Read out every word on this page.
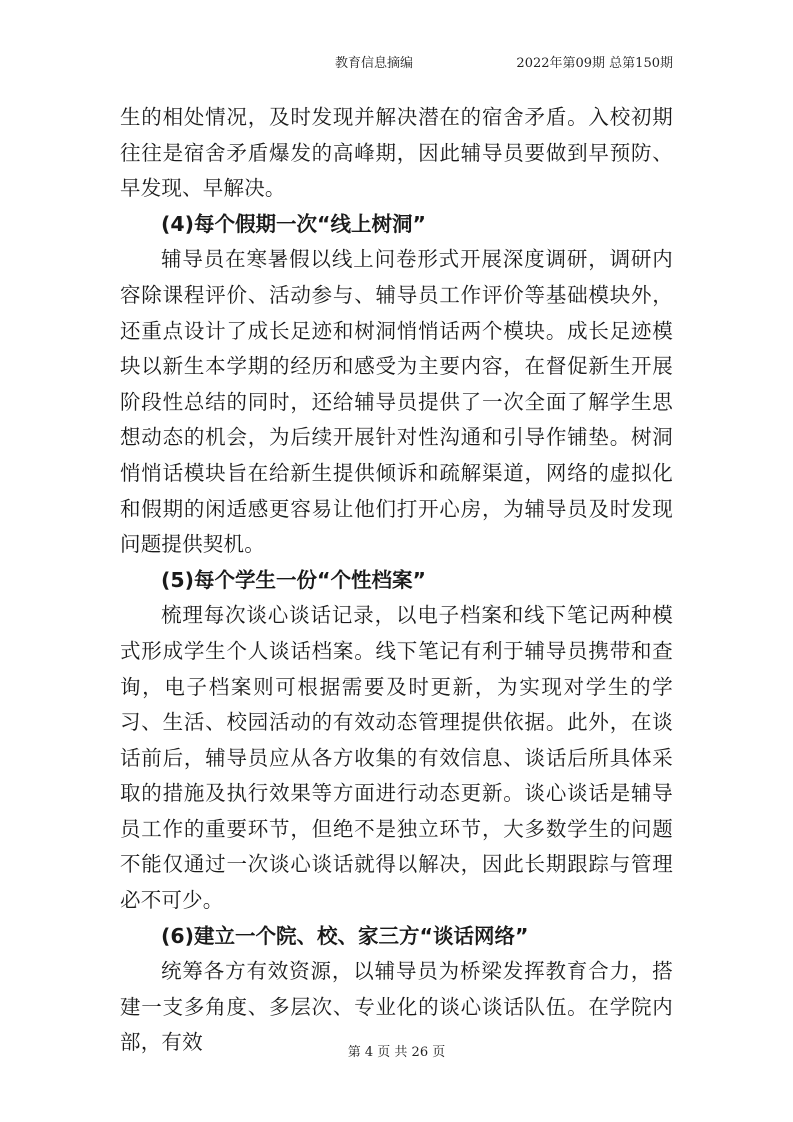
教育信息摘编	2022年第09期 总第150期

生的相处情况，及时发现并解决潜在的宿舍矛盾。入校初期往往是宿舍矛盾爆发的高峰期，因此辅导员要做到早预防、早发现、早解决。

(4)每个假期一次“线上树洞”

辅导员在寒暑假以线上问卷形式开展深度调研，调研内容除课程评价、活动参与、辅导员工作评价等基础模块外，还重点设计了成长足迹和树洞悄悄话两个模块。成长足迹模块以新生本学期的经历和感受为主要内容，在督促新生开展阶段性总结的同时，还给辅导员提供了一次全面了解学生思想动态的机会，为后续开展针对性沟通和引导作铺垫。树洞悄悄话模块旨在给新生提供倾诉和疏解渠道，网络的虚拟化和假期的闲适感更容易让他们打开心房，为辅导员及时发现问题提供契机。

(5)每个学生一份“个性档案”

梳理每次谈心谈话记录，以电子档案和线下笔记两种模式形成学生个人谈话档案。线下笔记有利于辅导员携带和查询，电子档案则可根据需要及时更新，为实现对学生的学习、生活、校园活动的有效动态管理提供依据。此外，在谈话前后，辅导员应从各方收集的有效信息、谈话后所具体采取的措施及执行效果等方面进行动态更新。谈心谈话是辅导员工作的重要环节，但绝不是独立环节，大多数学生的问题不能仅通过一次谈心谈话就得以解决，因此长期跟踪与管理必不可少。

(6)建立一个院、校、家三方“谈话网络”

统筹各方有效资源，以辅导员为桥梁发挥教育合力，搭建一支多角度、多层次、专业化的谈心谈话队伍。在学院内部，有效	第 4 页 共 26 页
